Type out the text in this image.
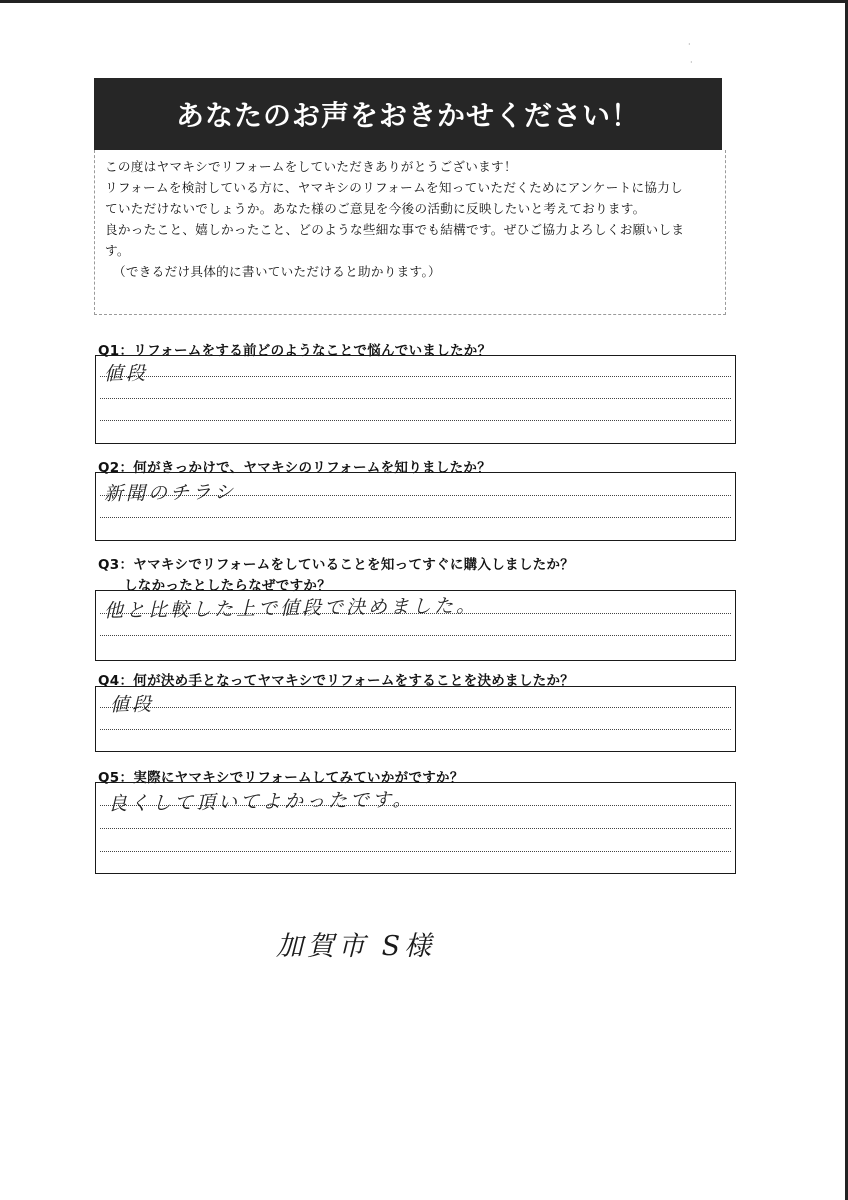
·
·
あなたのお声をおきかせください！

この度はヤマキシでリフォームをしていただきありがとうございます！

リフォームを検討している方に、ヤマキシのリフォームを知っていただくためにアンケートに協力し

ていただけないでしょうか。あなた様のご意見を今後の活動に反映したいと考えております。

良かったこと、嬉しかったこと、どのような些細な事でも結構です。ぜひご協力よろしくお願いしま

す。

（できるだけ具体的に書いていただけると助かります。）

Q1：リフォームをする前どのようなことで悩んでいましたか？
値段
Q2：何がきっかけで、ヤマキシのリフォームを知りましたか？
新聞のチラシ
Q3：ヤマキシでリフォームをしていることを知ってすぐに購入しましたか？
しなかったとしたらなぜですか？
他と比較した上で値段で決めました。
Q4：何が決め手となってヤマキシでリフォームをすることを決めましたか？
値段
Q5：実際にヤマキシでリフォームしてみていかがですか？
良くして頂いてよかったです。
加賀市 S様
